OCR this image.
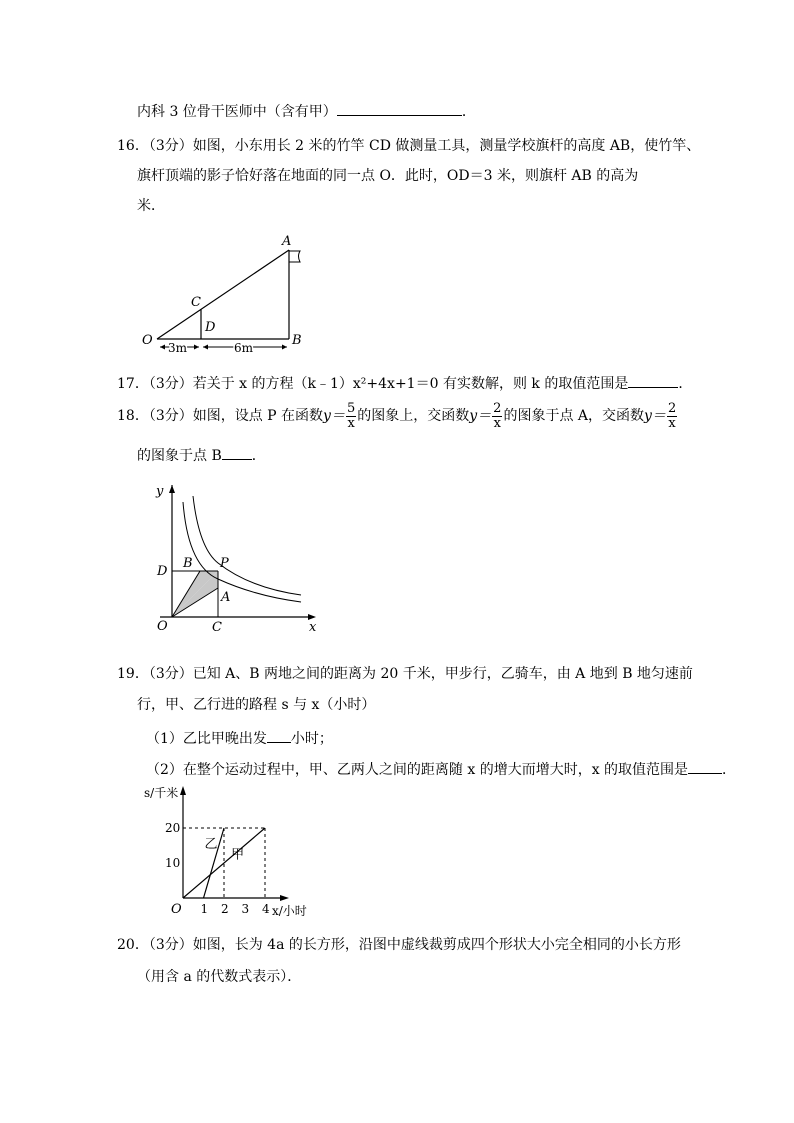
内科 3 位骨干医师中（含有甲）	．
16．（3分）如图，小东用长 2 米的竹竿 CD 做测量工具，测量学校旗杆的高度 AB，使竹竿、
旗杆顶端的影子恰好落在地面的同一点 O．此时，OD＝3 米，则旗杆 AB 的高为
米．
A
C
D
O	B
3m	6m
17．（3分）若关于 x 的方程（k﹣1）x²+4x+1＝0 有实数解，则 k 的取值范围是	．
18．（3分）如图，设点 P 在函数$y= \frac{5}{x}$ 的图象上，交函数$y= \frac{2}{x}$ 的图象于点 A，交函数$y= \frac{2}{x}$
的图象于点 B ．
y
x
D
B P
A
O	C
19．（3分）已知 A、B 两地之间的距离为 20 千米，甲步行，乙骑车，由 A 地到 B 地匀速前
行，甲、乙行进的路程 s 与 x（小时）
（1）乙比甲晚出发 小时；
（2）在整个运动过程中，甲、乙两人之间的距离随 x 的增大而增大时，x 的取值范围是 ．
乙
甲
1 2 3 4
10
20
s/千米
x/小时
O
20．（3分）如图，长为 4a 的长方形，沿图中虚线裁剪成四个形状大小完全相同的小长方形
（用含 a 的代数式表示）．
